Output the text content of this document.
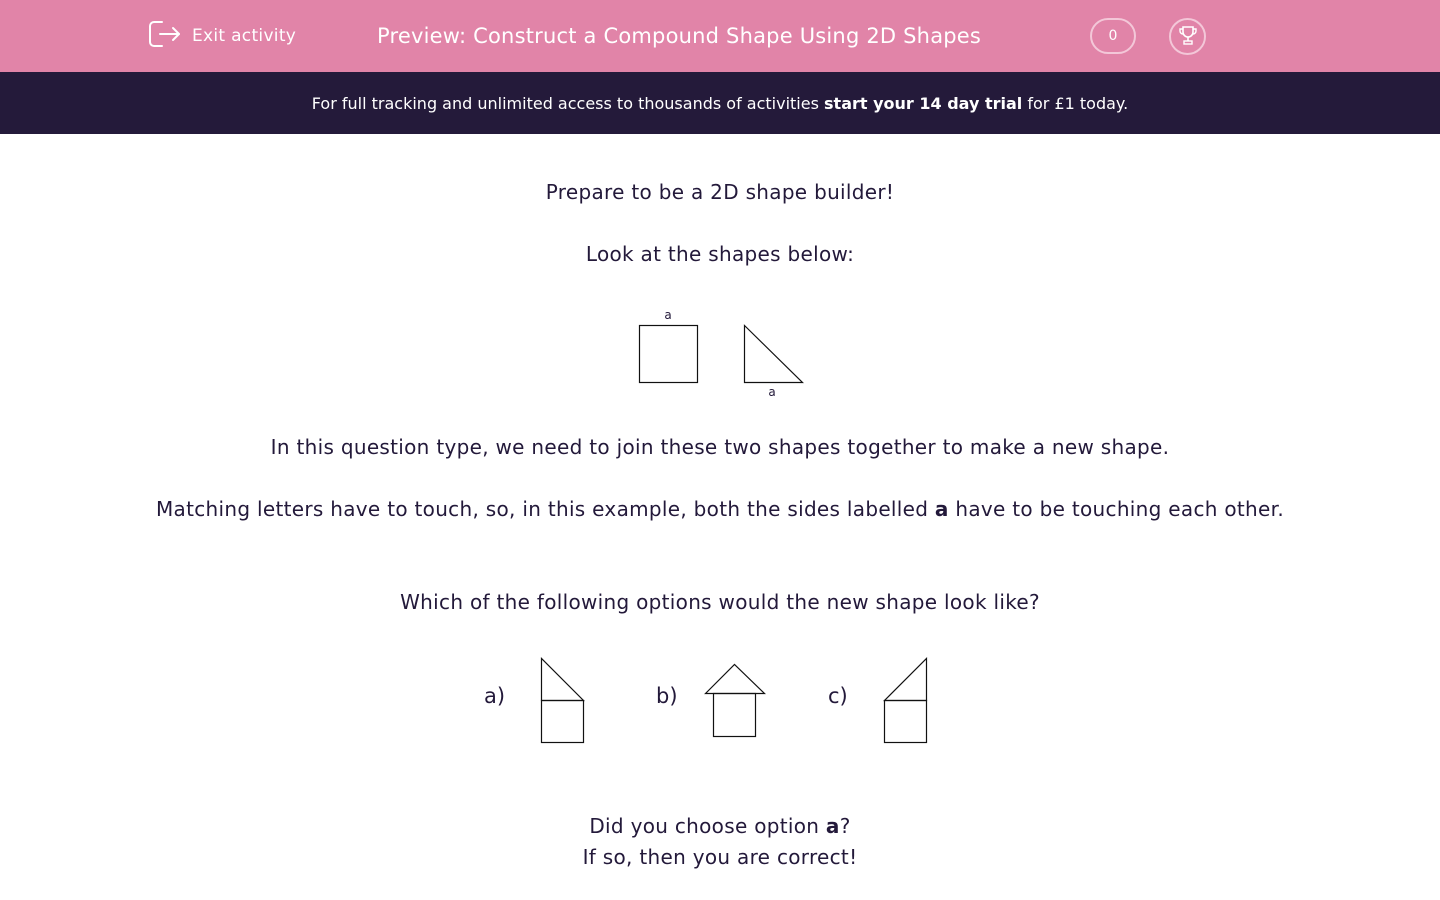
Exit activity	Preview: Construct a Compound Shape Using 2D Shapes	0
For full tracking and unlimited access to thousands of activities start your 14 day trial for £1 today.
Prepare to be a 2D shape builder!
Look at the shapes below:
a
a
In this question type, we need to join these two shapes together to make a new shape.
Matching letters have to touch, so, in this example, both the sides labelled a have to be touching each other.
Which of the following options would the new shape look like?
a)	b)	c)
Did you choose option a?
If so, then you are correct!
